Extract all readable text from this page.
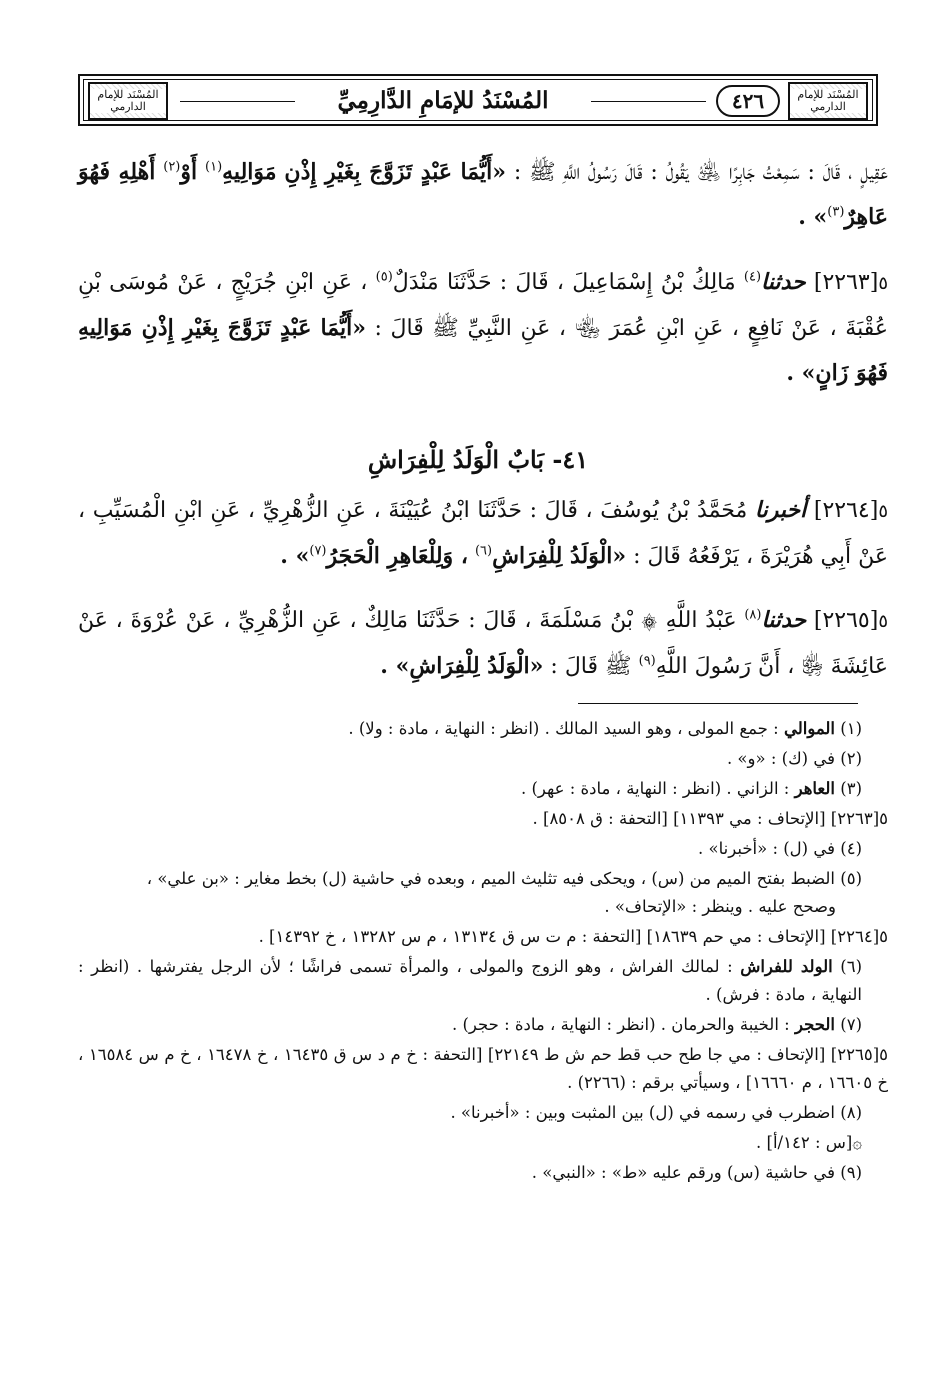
المُسْنَد للإمام الدارمي
٤٢٦
المُسْنَدُ للإمَامِ الدَّارِمِيِّ
المُسْنَد للإمام الدارمي

عَقِيلٍ ، قَالَ : سَمِعْتُ جَابِرًا ﵁ يَقُولُ : قَالَ رَسُولُ اللَّهِ ﷺ : «أَيُّمَا عَبْدٍ تَزَوَّجَ بِغَيْرِ إِذْنِ مَوَالِيهِ$^{(١)}$ أَوْ$^{(٢)}$ أَهْلِهِ فَهُوَ عَاهِرٌ$^{(٣)}$» .

٥[٢٢٦٣] حدثنا$^{(٤)}$ مَالِكُ بْنُ إِسْمَاعِيلَ ، قَالَ : حَدَّثَنَا مَنْدَلٌ$^{(٥)}$ ، عَنِ ابْنِ جُرَيْجٍ ، عَنْ مُوسَى بْنِ عُقْبَةَ ، عَنْ نَافِعٍ ، عَنِ ابْنِ عُمَرَ ﵄ ، عَنِ النَّبِيِّ ﷺ قَالَ : «أَيُّمَا عَبْدٍ تَزَوَّجَ بِغَيْرِ إِذْنِ مَوَالِيهِ فَهُوَ زَانٍ» .

٤١- بَابٌ الْوَلَدُ لِلْفِرَاشِ

٥[٢٢٦٤] أخبرنا مُحَمَّدُ بْنُ يُوسُفَ ، قَالَ : حَدَّثَنَا ابْنُ عُيَيْنَةَ ، عَنِ الزُّهْرِيِّ ، عَنِ ابْنِ الْمُسَيِّبِ ، عَنْ أَبِي هُرَيْرَةَ ، يَرْفَعُهُ قَالَ : «الْوَلَدُ لِلْفِرَاشِ$^{(٦)}$ ، وَلِلْعَاهِرِ الْحَجَرُ$^{(٧)}$» .

٥[٢٢٦٥] حدثنا$^{(٨)}$ عَبْدُ اللَّهِ ۞ بْنُ مَسْلَمَةَ ، قَالَ : حَدَّثَنَا مَالِكٌ ، عَنِ الزُّهْرِيِّ ، عَنْ عُرْوَةَ ، عَنْ عَائِشَةَ ﵂ ، أَنَّ رَسُولَ اللَّهِ$^{(٩)}$ ﷺ قَالَ : «الْوَلَدُ لِلْفِرَاشِ» .

(١) الموالي : جمع المولى ، وهو السيد المالك . (انظر : النهاية ، مادة : ولا) .

(٢) في (ك) : «و» .

(٣) العاهر : الزاني . (انظر : النهاية ، مادة : عهر) .

٥[٢٢٦٣] [الإتحاف : مي ١١٣٩٣] [التحفة : ق ٨٥٠٨] .

(٤) في (ل) : «أخبرنا» .

(٥) الضبط بفتح الميم من (س) ، ويحكى فيه تثليث الميم ، وبعده في حاشية (ل) بخط مغاير : «بن علي» ،
وصحح عليه . وينظر : «الإتحاف» .

٥[٢٢٦٤] [الإتحاف : مي حم ١٨٦٣٩] [التحفة : م ت س ق ١٣١٣٤ ، م س ١٣٢٨٢ ، خ ١٤٣٩٢] .

(٦) الولد للفراش : لمالك الفراش ، وهو الزوج والمولى ، والمرأة تسمى فراشًا ؛ لأن الرجل يفترشها . (انظر : النهاية ، مادة : فرش) .

(٧) الحجر : الخيبة والحرمان . (انظر : النهاية ، مادة : حجر) .

٥[٢٢٦٥] [الإتحاف : مي جا طح حب قط حم ش ط ٢٢١٤٩] [التحفة : خ م د س ق ١٦٤٣٥ ، خ ١٦٤٧٨ ، خ م س ١٦٥٨٤ ، خ ١٦٦٠٥ ، م ١٦٦٦٠] ، وسيأتي برقم : (٢٢٦٦) .

(٨) اضطرب في رسمه في (ل) بين المثبت وبين : «أخبرنا» .

۞[س : ١٤٢/أ] .

(٩) في حاشية (س) ورقم عليه «ط» : «النبي» .
